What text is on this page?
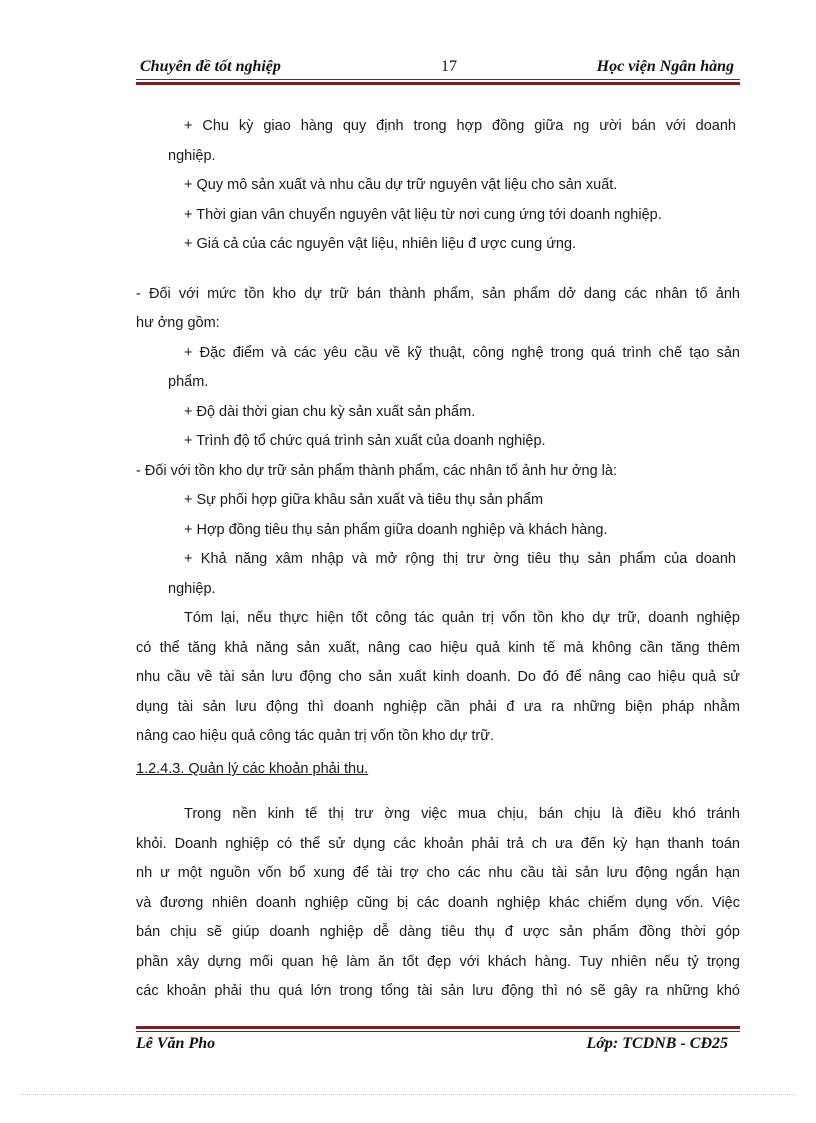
Chuyên đề tốt nghiệp	17	Học viện Ngân hàng
+ Chu kỳ giao hàng quy định trong hợp đồng giữa ng ười bán với doanh
nghiệp.
+ Quy mô sản xuất và nhu cầu dự trữ nguyên vật liệu cho sản xuất.
+ Thời gian vân chuyển nguyên vật liệu từ nơi cung ứng tới doanh nghiệp.
+ Giá cả của các nguyên vật liệu, nhiên liệu đ ược cung ứng.
- Đối với mức tồn kho dự trữ bán thành phẩm, sản phẩm dở dang các nhân tố ảnh
hư ởng gồm:
+ Đặc điểm và các yêu cầu về kỹ thuật, công nghệ trong quá trình chế tạo sản
phẩm.
+ Độ dài thời gian chu kỳ sản xuất sản phẩm.
+ Trình độ tổ chức quá trình sản xuất của doanh nghiệp.
- Đối với tồn kho dự trữ sản phẩm thành phẩm, các nhân tố ảnh hư ởng là:
+ Sự phối hợp giữa khâu sản xuất và tiêu thụ sản phẩm
+ Hợp đồng tiêu thụ sản phẩm giữa doanh nghiệp và khách hàng.
+ Khả năng xâm nhập và mở rộng thị trư ờng tiêu thụ sản phẩm của doanh
nghiệp.
Tóm lại, nếu thực hiện tốt công tác quản trị vốn tồn kho dự trữ, doanh nghiệp
có thể tăng khả năng sản xuất, nâng cao hiệu quả kinh tế mà không cần tăng thêm
nhu cầu về tài sản lưu động cho sản xuất kinh doanh. Do đó để nâng cao hiệu quả sử
dụng tài sản lưu động thì doanh nghiệp cần phải đ ưa ra những biện pháp nhằm
nâng cao hiệu quả công tác quản trị vốn tồn kho dự trữ.
1.2.4.3. Quản lý các khoản phải thu.
Trong nền kinh tế thị trư ờng việc mua chịu, bán chịu là điều khó tránh
khỏi. Doanh nghiệp có thể sử dụng các khoản phải trả ch ưa đến kỳ hạn thanh toán
nh ư một nguồn vốn bổ xung để tài trợ cho các nhu cầu tài sản lưu động ngắn hạn
và đương nhiên doanh nghiệp cũng bị các doanh nghiệp khác chiếm dụng vốn. Việc
bán chịu sẽ giúp doanh nghiệp dễ dàng tiêu thụ đ ược sản phẩm đồng thời góp
phần xây dựng mối quan hệ làm ăn tốt đẹp với khách hàng. Tuy nhiên nếu tỷ trọng
các khoản phải thu quá lớn trong tổng tài sản lưu động thì nó sẽ gây ra những khó
Lê Văn Pho	Lớp: TCDNB - CĐ25
